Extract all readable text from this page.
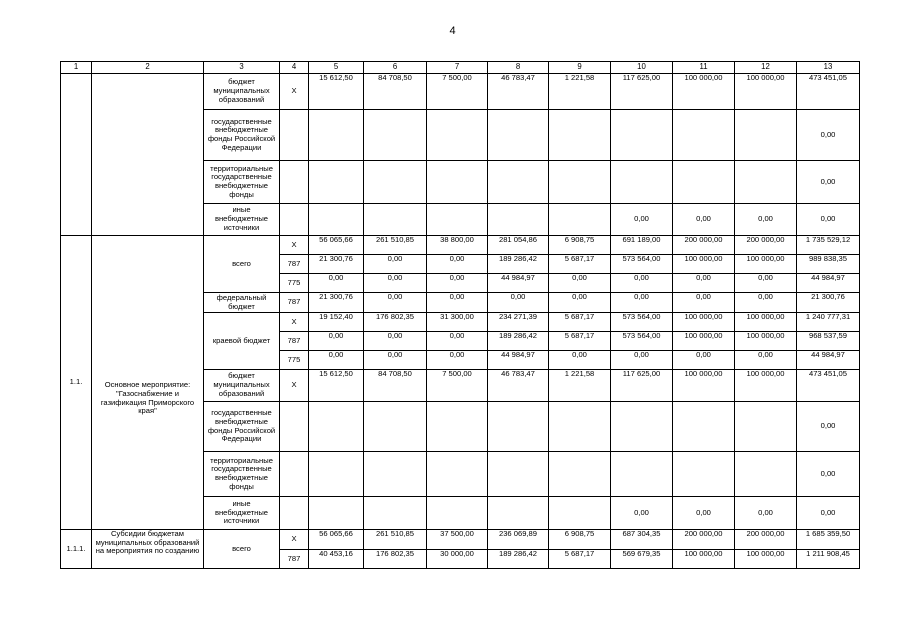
4
1	2	3	4	5	6	7	8	9	10	11	12	13
		бюджет муниципальных образований	Х	15 612,50	84 708,50	7 500,00	46 783,47	1 221,58	117 625,00	100 000,00	100 000,00	473 451,05
		государственные внебюджетные фонды Российской Федерации										0,00
		территориальные государственные внебюджетные фонды										0,00
		иные внебюджетные источники							0,00	0,00	0,00	0,00
1.1.	Основное мероприятие: "Газоснабжение и газификация Приморского края"	всего	Х	56 065,66	261 510,85	38 800,00	281 054,86	6 908,75	691 189,00	200 000,00	200 000,00	1 735 529,12
			787	21 300,76	0,00	0,00	189 286,42	5 687,17	573 564,00	100 000,00	100 000,00	989 838,35
			775	0,00	0,00	0,00	44 984,97	0,00	0,00	0,00	0,00	44 984,97
		федеральный бюджет	787	21 300,76	0,00	0,00	0,00	0,00	0,00	0,00	0,00	21 300,76
		краевой бюджет	Х	19 152,40	176 802,35	31 300,00	234 271,39	5 687,17	573 564,00	100 000,00	100 000,00	1 240 777,31
			787	0,00	0,00	0,00	189 286,42	5 687,17	573 564,00	100 000,00	100 000,00	968 537,59
			775	0,00	0,00	0,00	44 984,97	0,00	0,00	0,00	0,00	44 984,97
		бюджет муниципальных образований	Х	15 612,50	84 708,50	7 500,00	46 783,47	1 221,58	117 625,00	100 000,00	100 000,00	473 451,05
		государственные внебюджетные фонды Российской Федерации										0,00
		территориальные государственные внебюджетные фонды										0,00
		иные внебюджетные источники							0,00	0,00	0,00	0,00
1.1.1.	Субсидии бюджетам муниципальных образований на мероприятия по созданию	всего	Х	56 065,66	261 510,85	37 500,00	236 069,89	6 908,75	687 304,35	200 000,00	200 000,00	1 685 359,50
			787	40 453,16	176 802,35	30 000,00	189 286,42	5 687,17	569 679,35	100 000,00	100 000,00	1 211 908,45
